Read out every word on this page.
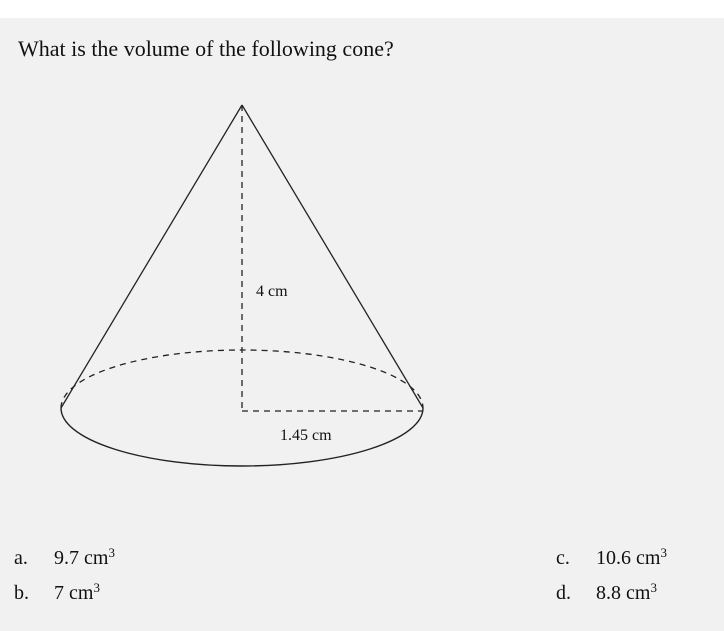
What is the volume of the following cone?
4 cm
1.45 cm
a. 9.7 $cm^3$
b. 7 $cm^3$
c. 10.6 $cm^3$
d. 8.8 $cm^3$
